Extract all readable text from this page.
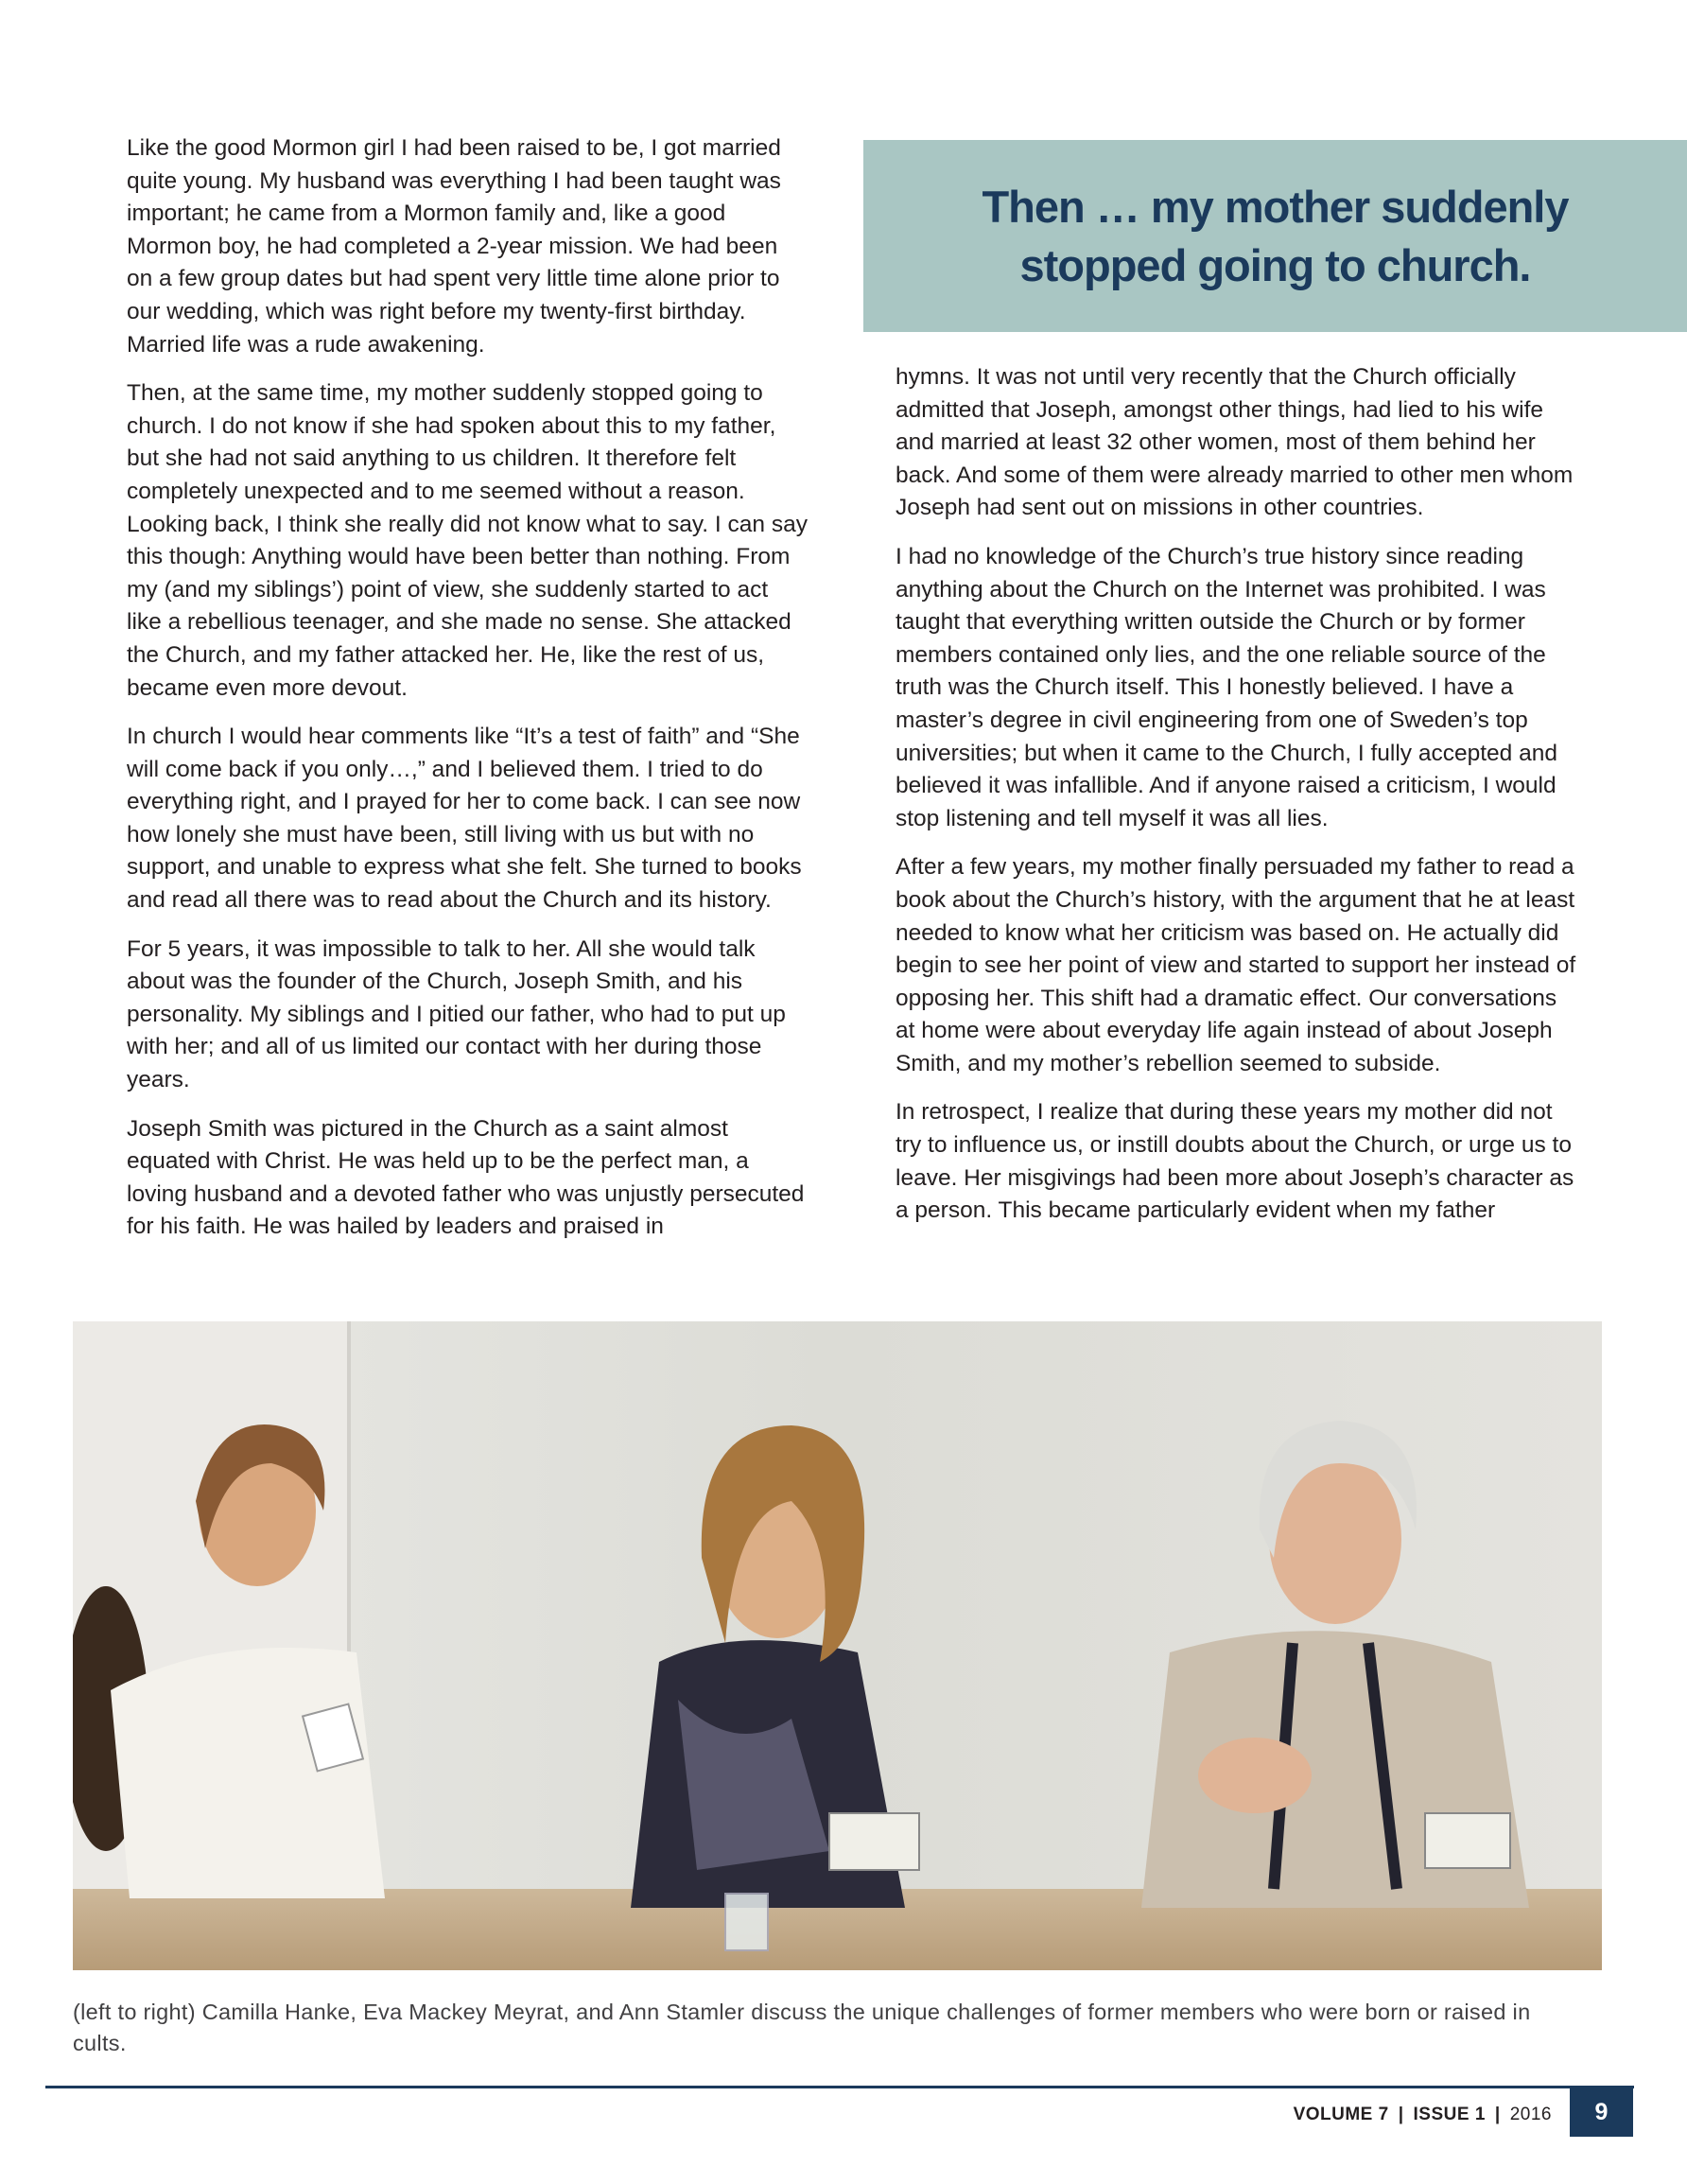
Like the good Mormon girl I had been raised to be, I got married quite young. My husband was everything I had been taught was important; he came from a Mormon family and, like a good Mormon boy, he had completed a 2-year mission. We had been on a few group dates but had spent very little time alone prior to our wedding, which was right before my twenty-first birthday. Married life was a rude awakening.

Then, at the same time, my mother suddenly stopped going to church. I do not know if she had spoken about this to my father, but she had not said anything to us children. It therefore felt completely unexpected and to me seemed without a reason. Looking back, I think she really did not know what to say. I can say this though: Anything would have been better than nothing. From my (and my siblings’) point of view, she suddenly started to act like a rebellious teenager, and she made no sense. She attacked the Church, and my father attacked her. He, like the rest of us, became even more devout.

In church I would hear comments like “It’s a test of faith” and “She will come back if you only…,” and I believed them. I tried to do everything right, and I prayed for her to come back. I can see now how lonely she must have been, still living with us but with no support, and unable to express what she felt. She turned to books and read all there was to read about the Church and its history.

For 5 years, it was impossible to talk to her. All she would talk about was the founder of the Church, Joseph Smith, and his personality. My siblings and I pitied our father, who had to put up with her; and all of us limited our contact with her during those years.

Joseph Smith was pictured in the Church as a saint almost equated with Christ. He was held up to be the perfect man, a loving husband and a devoted father who was unjustly persecuted for his faith. He was hailed by leaders and praised in

Then … my mother suddenly stopped going to church.

hymns. It was not until very recently that the Church officially admitted that Joseph, amongst other things, had lied to his wife and married at least 32 other women, most of them behind her back. And some of them were already married to other men whom Joseph had sent out on missions in other countries.

I had no knowledge of the Church’s true history since reading anything about the Church on the Internet was prohibited. I was taught that everything written outside the Church or by former members contained only lies, and the one reliable source of the truth was the Church itself. This I honestly believed. I have a master’s degree in civil engineering from one of Sweden’s top universities; but when it came to the Church, I fully accepted and believed it was infallible. And if anyone raised a criticism, I would stop listening and tell myself it was all lies.

After a few years, my mother finally persuaded my father to read a book about the Church’s history, with the argument that he at least needed to know what her criticism was based on. He actually did begin to see her point of view and started to support her instead of opposing her. This shift had a dramatic effect. Our conversations at home were about everyday life again instead of about Joseph Smith, and my mother’s rebellion seemed to subside.

In retrospect, I realize that during these years my mother did not try to influence us, or instill doubts about the Church, or urge us to leave. Her misgivings had been more about Joseph’s character as a person. This became particularly evident when my father

(left to right) Camilla Hanke, Eva Mackey Meyrat, and Ann Stamler discuss the unique challenges of former members who were born or raised in cults.
VOLUME 7 | ISSUE 1 | 2016	9
